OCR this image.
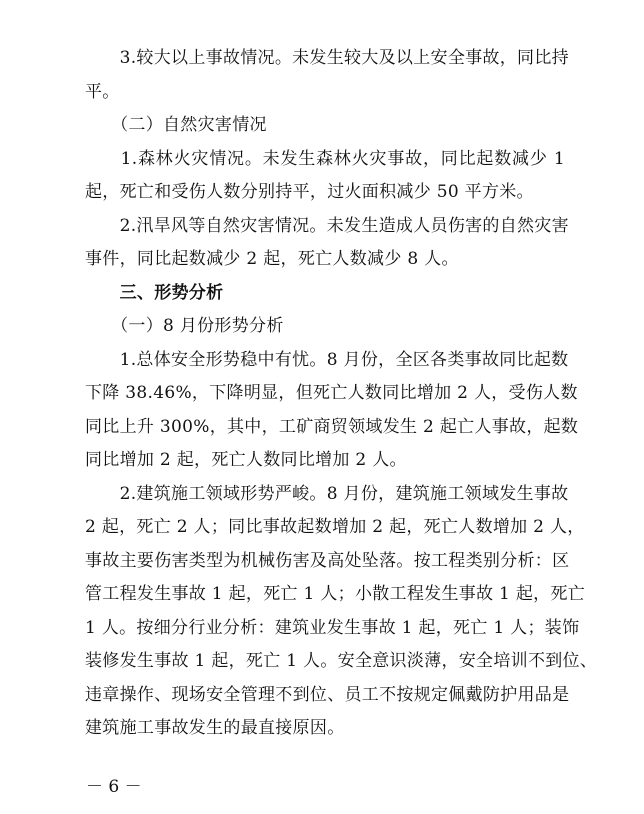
　　3.较大以上事故情况。未发生较大及以上安全事故，同比持
平。
　　（二）自然灾害情况
　　1.森林火灾情况。未发生森林火灾事故，同比起数减少 1
起，死亡和受伤人数分别持平，过火面积减少 50 平方米。
　　2.汛旱风等自然灾害情况。未发生造成人员伤害的自然灾害
事件，同比起数减少 2 起，死亡人数减少 8 人。
　　三、形势分析
　　（一）8 月份形势分析
　　1.总体安全形势稳中有忧。8 月份，全区各类事故同比起数
下降 38.46%，下降明显，但死亡人数同比增加 2 人，受伤人数
同比上升 300%，其中，工矿商贸领域发生 2 起亡人事故，起数
同比增加 2 起，死亡人数同比增加 2 人。
　　2.建筑施工领域形势严峻。8 月份，建筑施工领域发生事故
2 起，死亡 2 人；同比事故起数增加 2 起，死亡人数增加 2 人，
事故主要伤害类型为机械伤害及高处坠落。按工程类别分析：区
管工程发生事故 1 起，死亡 1 人；小散工程发生事故 1 起，死亡
1 人。按细分行业分析：建筑业发生事故 1 起，死亡 1 人；装饰
装修发生事故 1 起，死亡 1 人。安全意识淡薄，安全培训不到位、
违章操作、现场安全管理不到位、员工不按规定佩戴防护用品是
建筑施工事故发生的最直接原因。
－ 6 －
